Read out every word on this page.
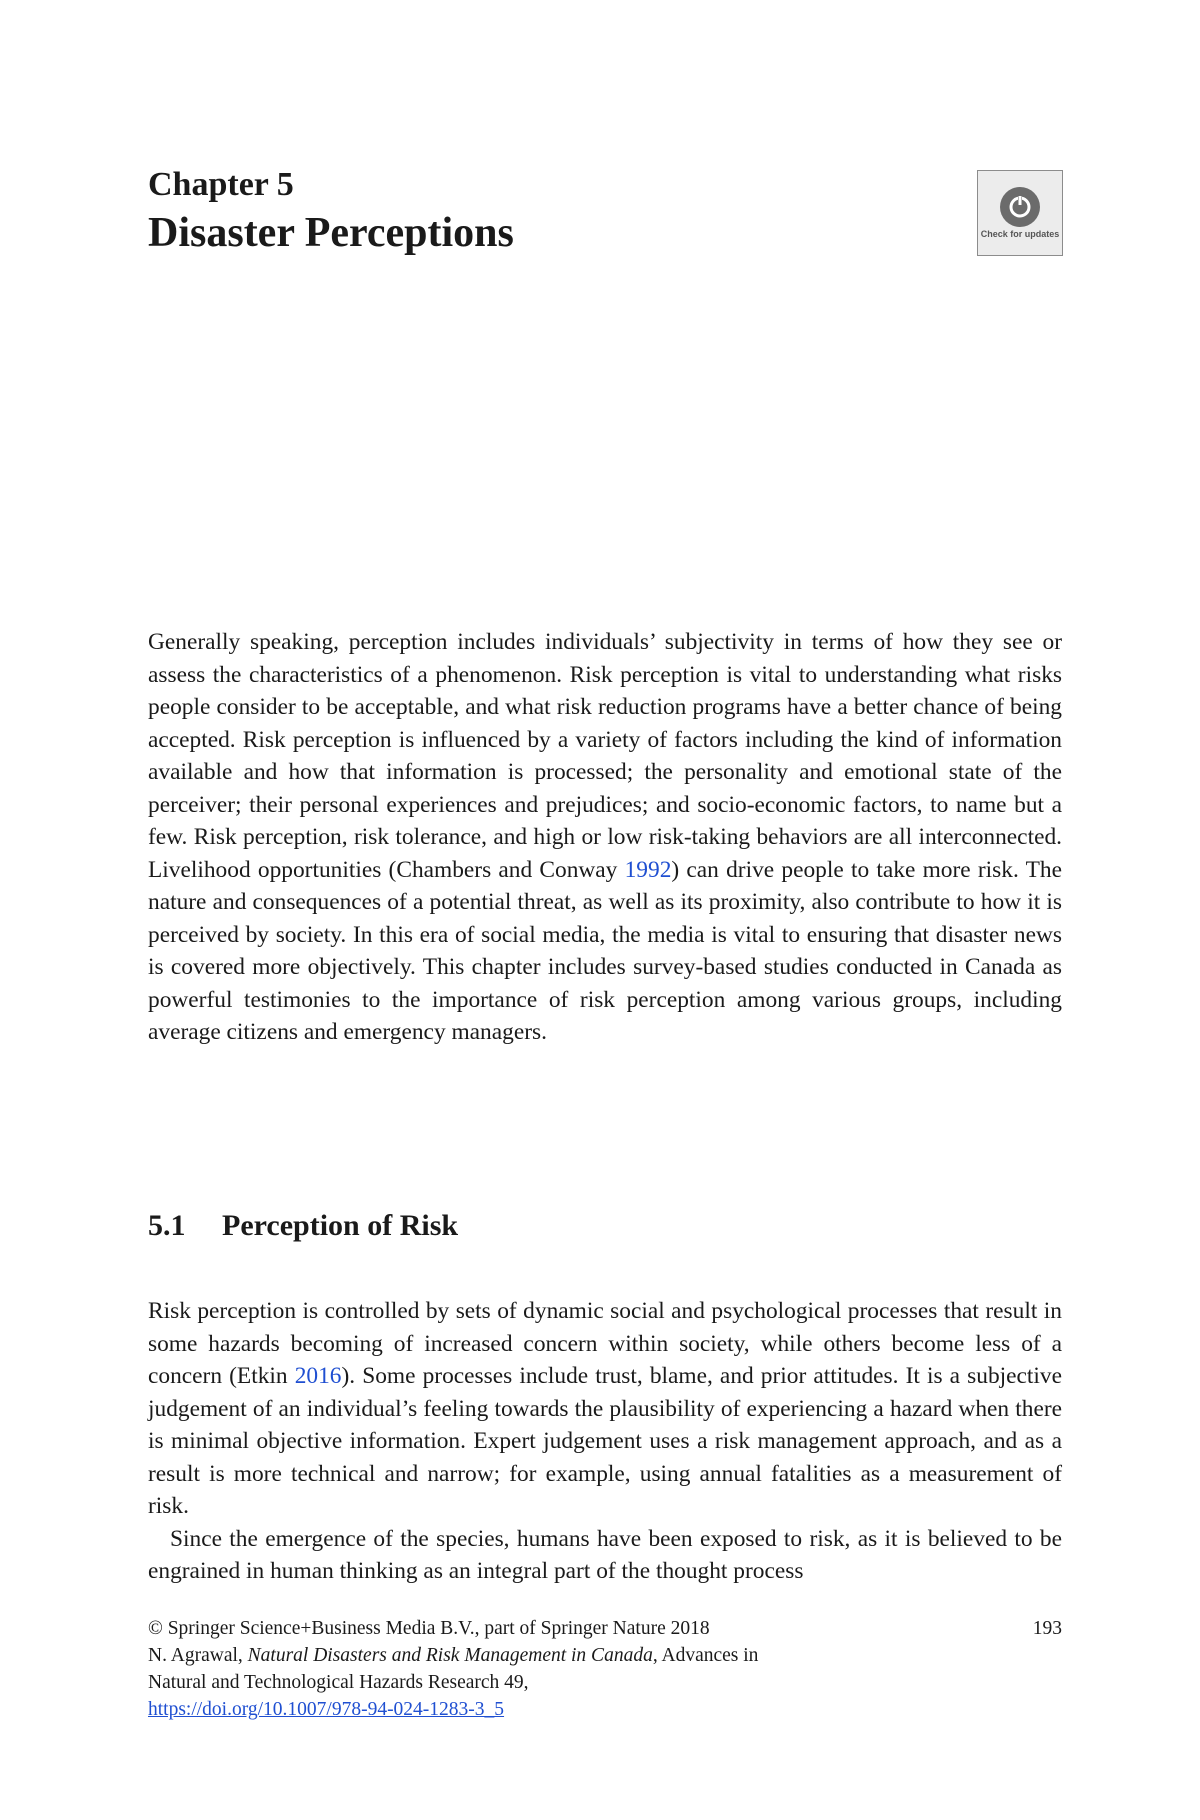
Chapter 5
Disaster Perceptions	Check for updates

Generally speaking, perception includes individuals’ subjectivity in terms of how they see or assess the characteristics of a phenomenon. Risk perception is vital to understanding what risks people consider to be acceptable, and what risk reduction programs have a better chance of being accepted. Risk perception is influenced by a variety of factors including the kind of information available and how that information is processed; the personality and emotional state of the perceiver; their personal experiences and prejudices; and socio-economic factors, to name but a few. Risk perception, risk tolerance, and high or low risk-taking behaviors are all interconnected. Livelihood opportunities (Chambers and Conway 1992) can drive people to take more risk. The nature and consequences of a potential threat, as well as its proximity, also contribute to how it is perceived by society. In this era of social media, the media is vital to ensuring that disaster news is covered more objectively. This chapter includes survey-based studies conducted in Canada as powerful testimonies to the importance of risk perception among various groups, including average citizens and emergency managers.

5.1 Perception of Risk

Risk perception is controlled by sets of dynamic social and psychological processes that result in some hazards becoming of increased concern within society, while others become less of a concern (Etkin 2016). Some processes include trust, blame, and prior attitudes. It is a subjective judgement of an individual’s feeling towards the plausibility of experiencing a hazard when there is minimal objective information. Expert judgement uses a risk management approach, and as a result is more technical and narrow; for example, using annual fatalities as a measurement of risk.

Since the emergence of the species, humans have been exposed to risk, as it is believed to be engrained in human thinking as an integral part of the thought process

© Springer Science+Business Media B.V., part of Springer Nature 2018	193
N. Agrawal, Natural Disasters and Risk Management in Canada, Advances in
Natural and Technological Hazards Research 49,
https://doi.org/10.1007/978-94-024-1283-3_5
